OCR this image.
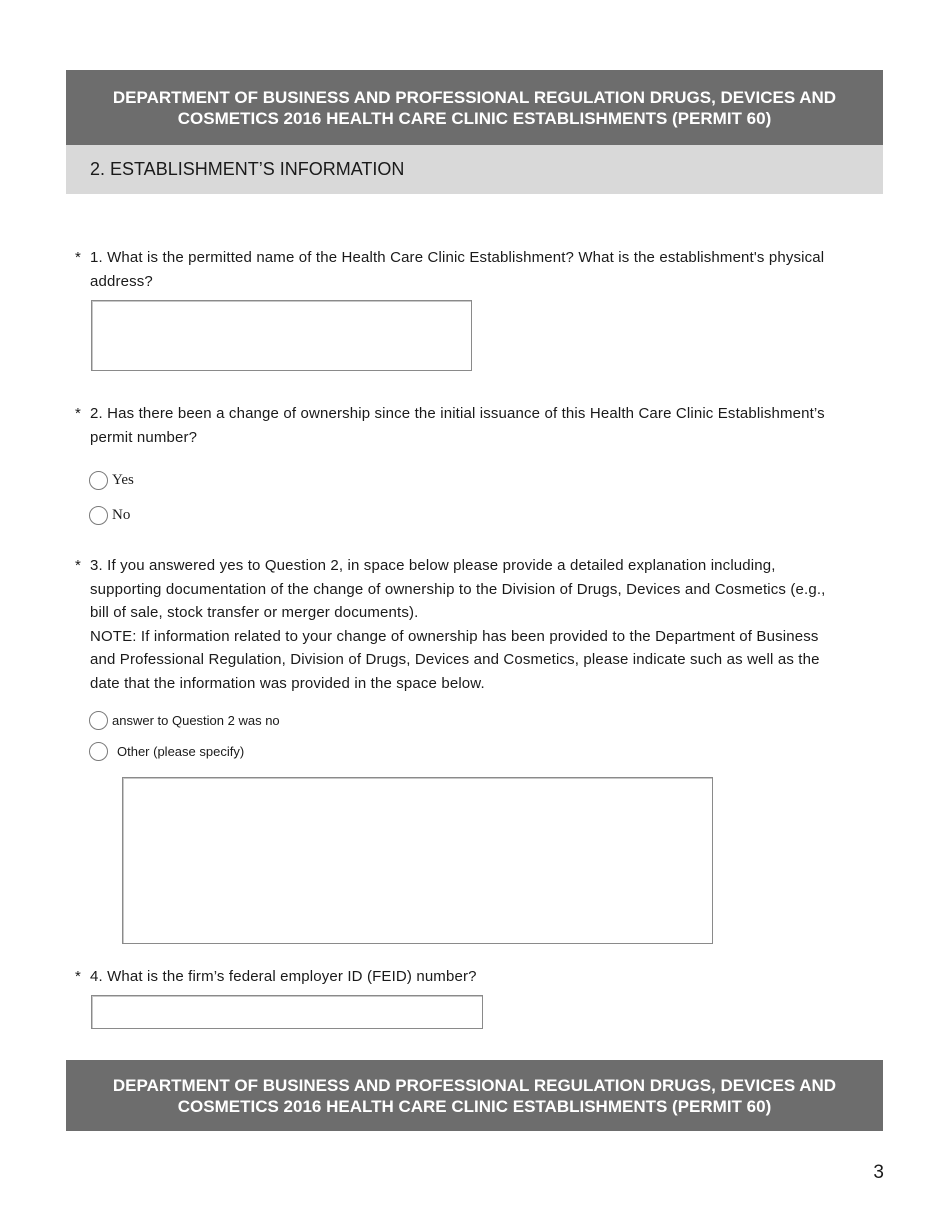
DEPARTMENT OF BUSINESS AND PROFESSIONAL REGULATION DRUGS, DEVICES AND COSMETICS 2016 HEALTH CARE CLINIC ESTABLISHMENTS (PERMIT 60)
2. ESTABLISHMENT’S INFORMATION
* 1. What is the permitted name of the Health Care Clinic Establishment? What is the establishment's physical address?
* 2. Has there been a change of ownership since the initial issuance of this Health Care Clinic Establishment’s permit number?
Yes
No
* 3. If you answered yes to Question 2, in space below please provide a detailed explanation including, supporting documentation of the change of ownership to the Division of Drugs, Devices and Cosmetics (e.g., bill of sale, stock transfer or merger documents).
NOTE: If information related to your change of ownership has been provided to the Department of Business and Professional Regulation, Division of Drugs, Devices and Cosmetics, please indicate such as well as the date that the information was provided in the space below.
answer to Question 2 was no
Other (please specify)
* 4. What is the firm’s federal employer ID (FEID) number?
DEPARTMENT OF BUSINESS AND PROFESSIONAL REGULATION DRUGS, DEVICES AND COSMETICS 2016 HEALTH CARE CLINIC ESTABLISHMENTS (PERMIT 60)
3
